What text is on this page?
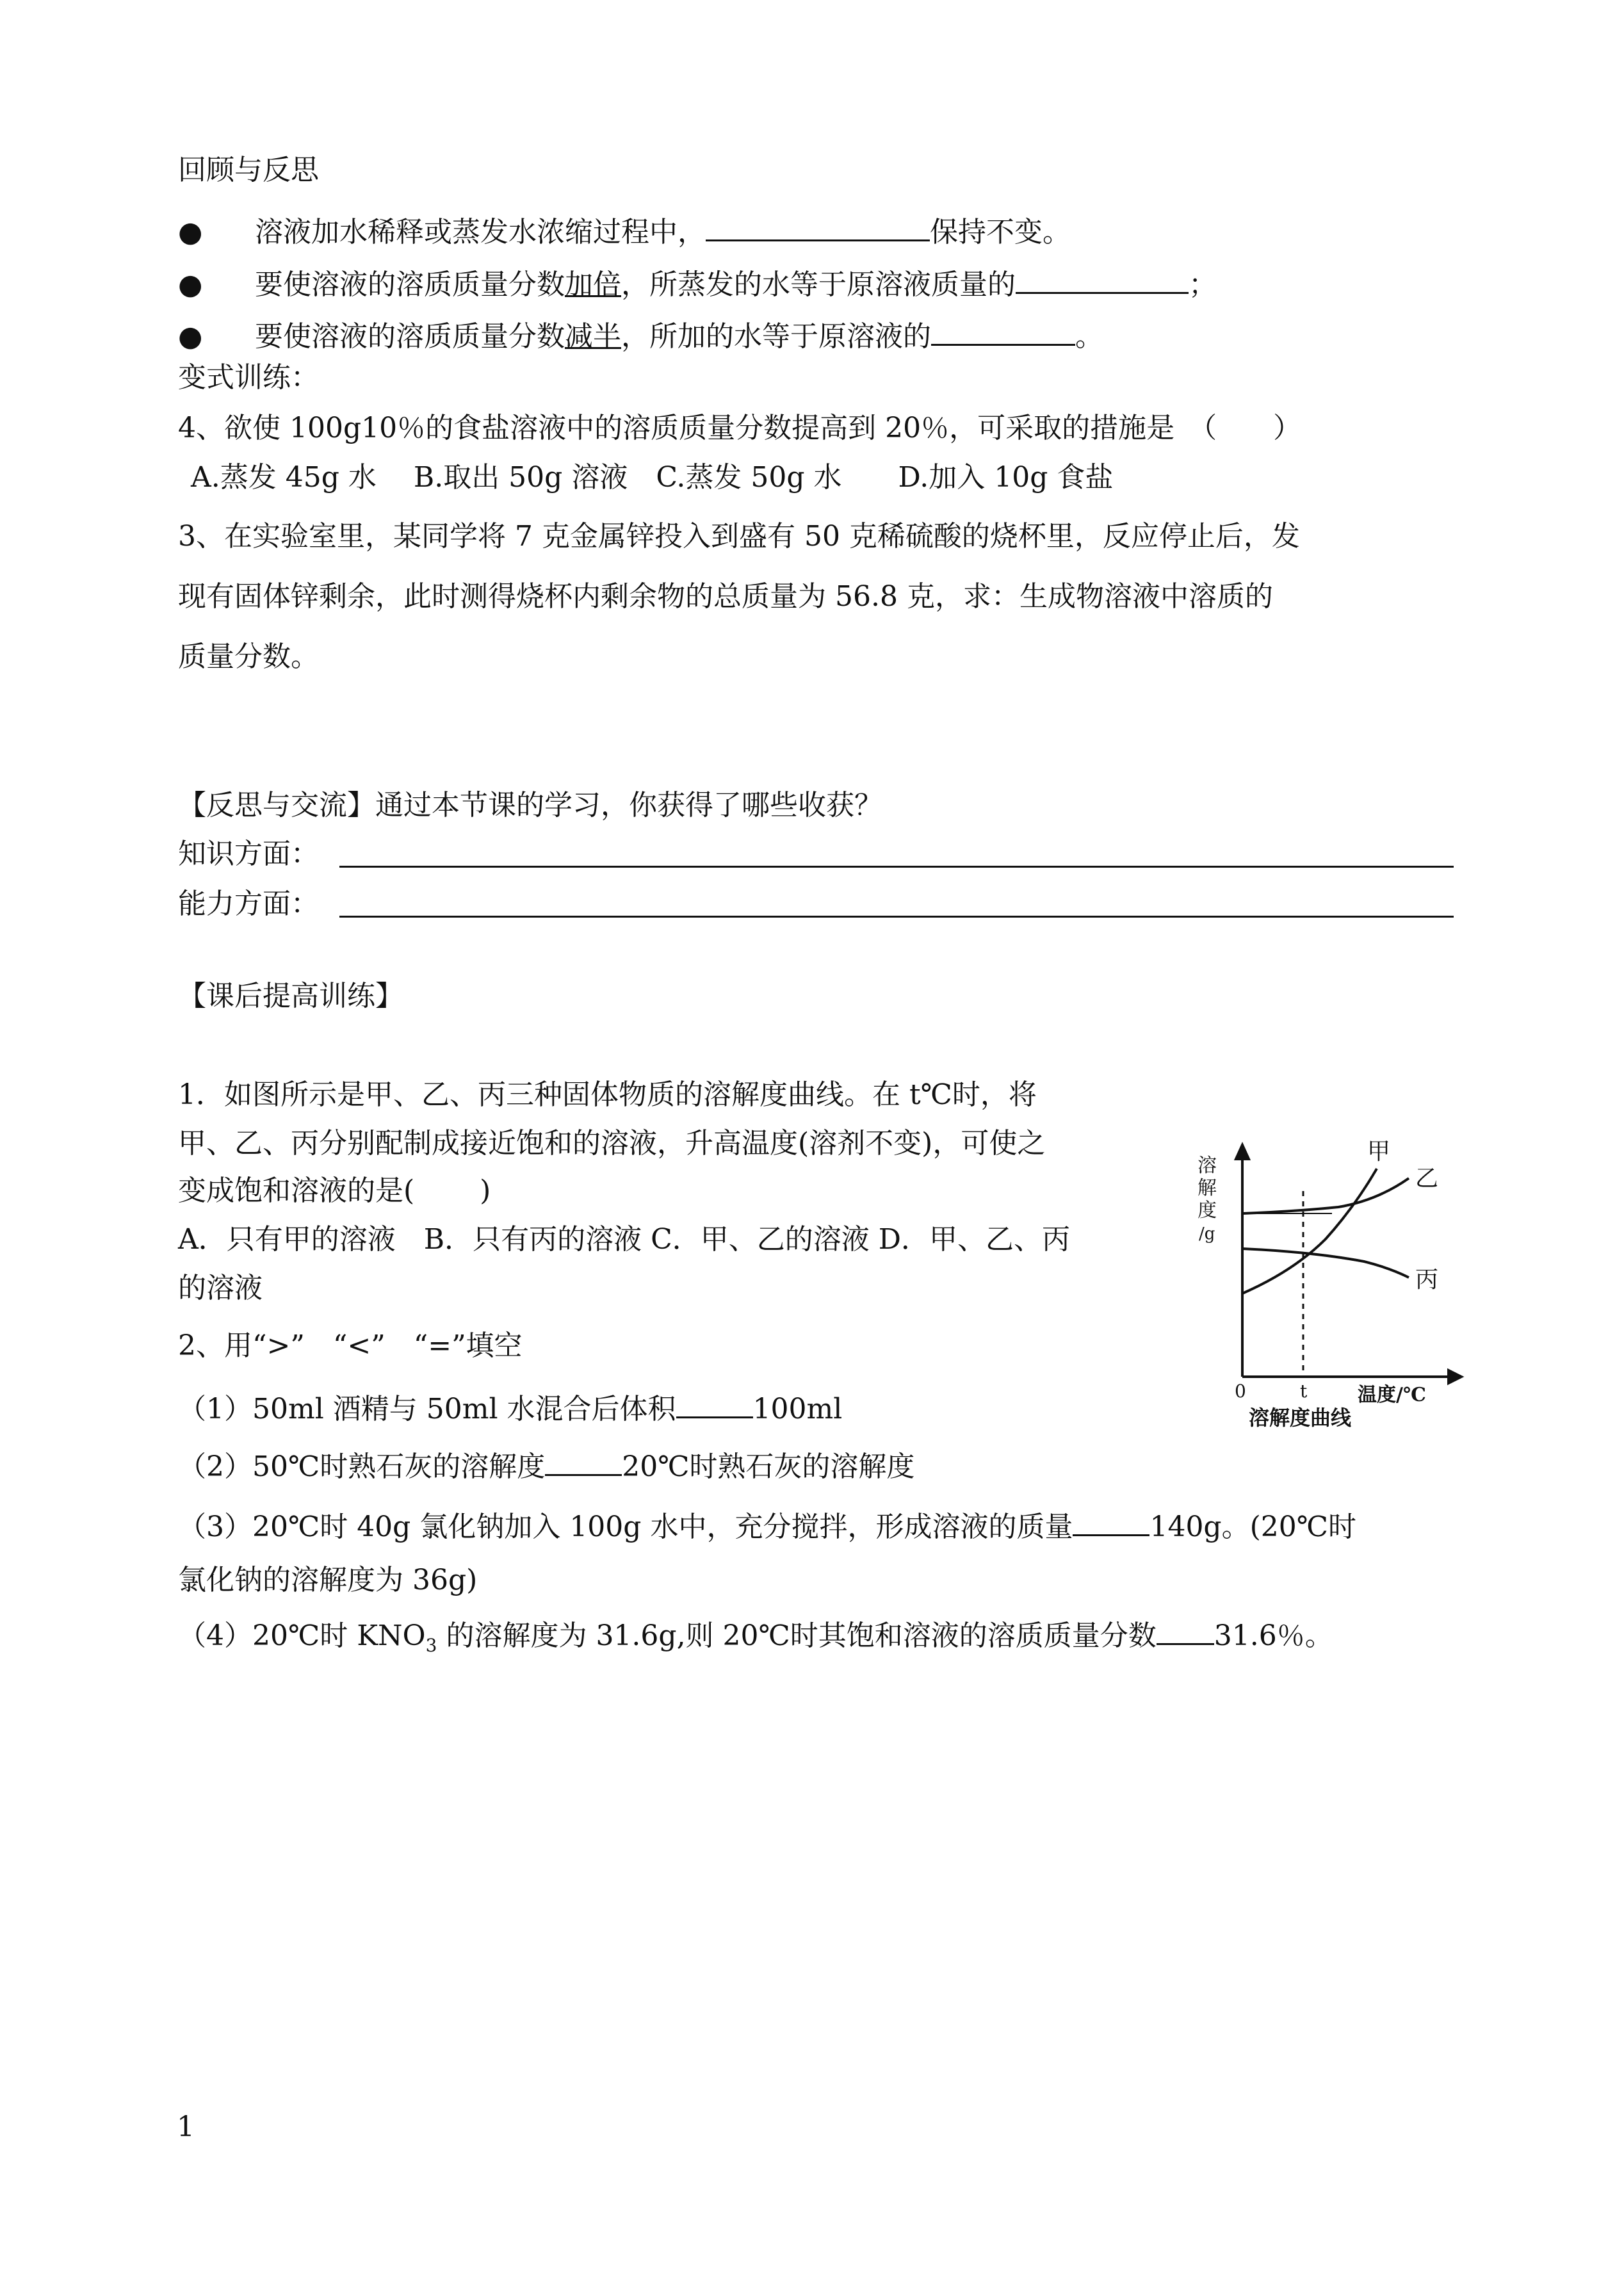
回顾与反思
● 溶液加水稀释或蒸发水浓缩过程中，	保持不变。
● 要使溶液的溶质质量分数加倍，所蒸发的水等于原溶液质量的	；
● 要使溶液的溶质质量分数减半，所加的水等于原溶液的	。
变式训练：
4、欲使 100g10％的食盐溶液中的溶质质量分数提高到 20％，可采取的措施是　（　　）
A.蒸发 45g 水　 B.取出 50g 溶液　C.蒸发 50g 水　　D.加入 10g 食盐
3、在实验室里，某同学将 7 克金属锌投入到盛有 50 克稀硫酸的烧杯里，反应停止后，发
现有固体锌剩余，此时测得烧杯内剩余物的总质量为 56.8 克，求：生成物溶液中溶质的
质量分数。
【反思与交流】通过本节课的学习，你获得了哪些收获？
知识方面：
能力方面：
【课后提高训练】
1．如图所示是甲、乙、丙三种固体物质的溶解度曲线。在 t℃时，将
甲、乙、丙分别配制成接近饱和的溶液，升高温度(溶剂不变)，可使之
变成饱和溶液的是(　 　)
A．只有甲的溶液　B．只有丙的溶液 C．甲、乙的溶液 D．甲、乙、丙
的溶液
2、用“>”　“<”　“=”填空
（1）50ml 酒精与 50ml 水混合后体积	100ml
（2）50℃时熟石灰的溶解度	20℃时熟石灰的溶解度
（3）20℃时 40g 氯化钠加入 100g 水中，充分搅拌，形成溶液的质量	140g。(20℃时
氯化钠的溶解度为 36g)
（4）20℃时 $KNO_3$ 的溶解度为 31.6g,则 20℃时其饱和溶液的溶质质量分数 31.6％。
溶
解
度
/g
甲
乙
丙
0	t	温度/℃
溶解度曲线
1
